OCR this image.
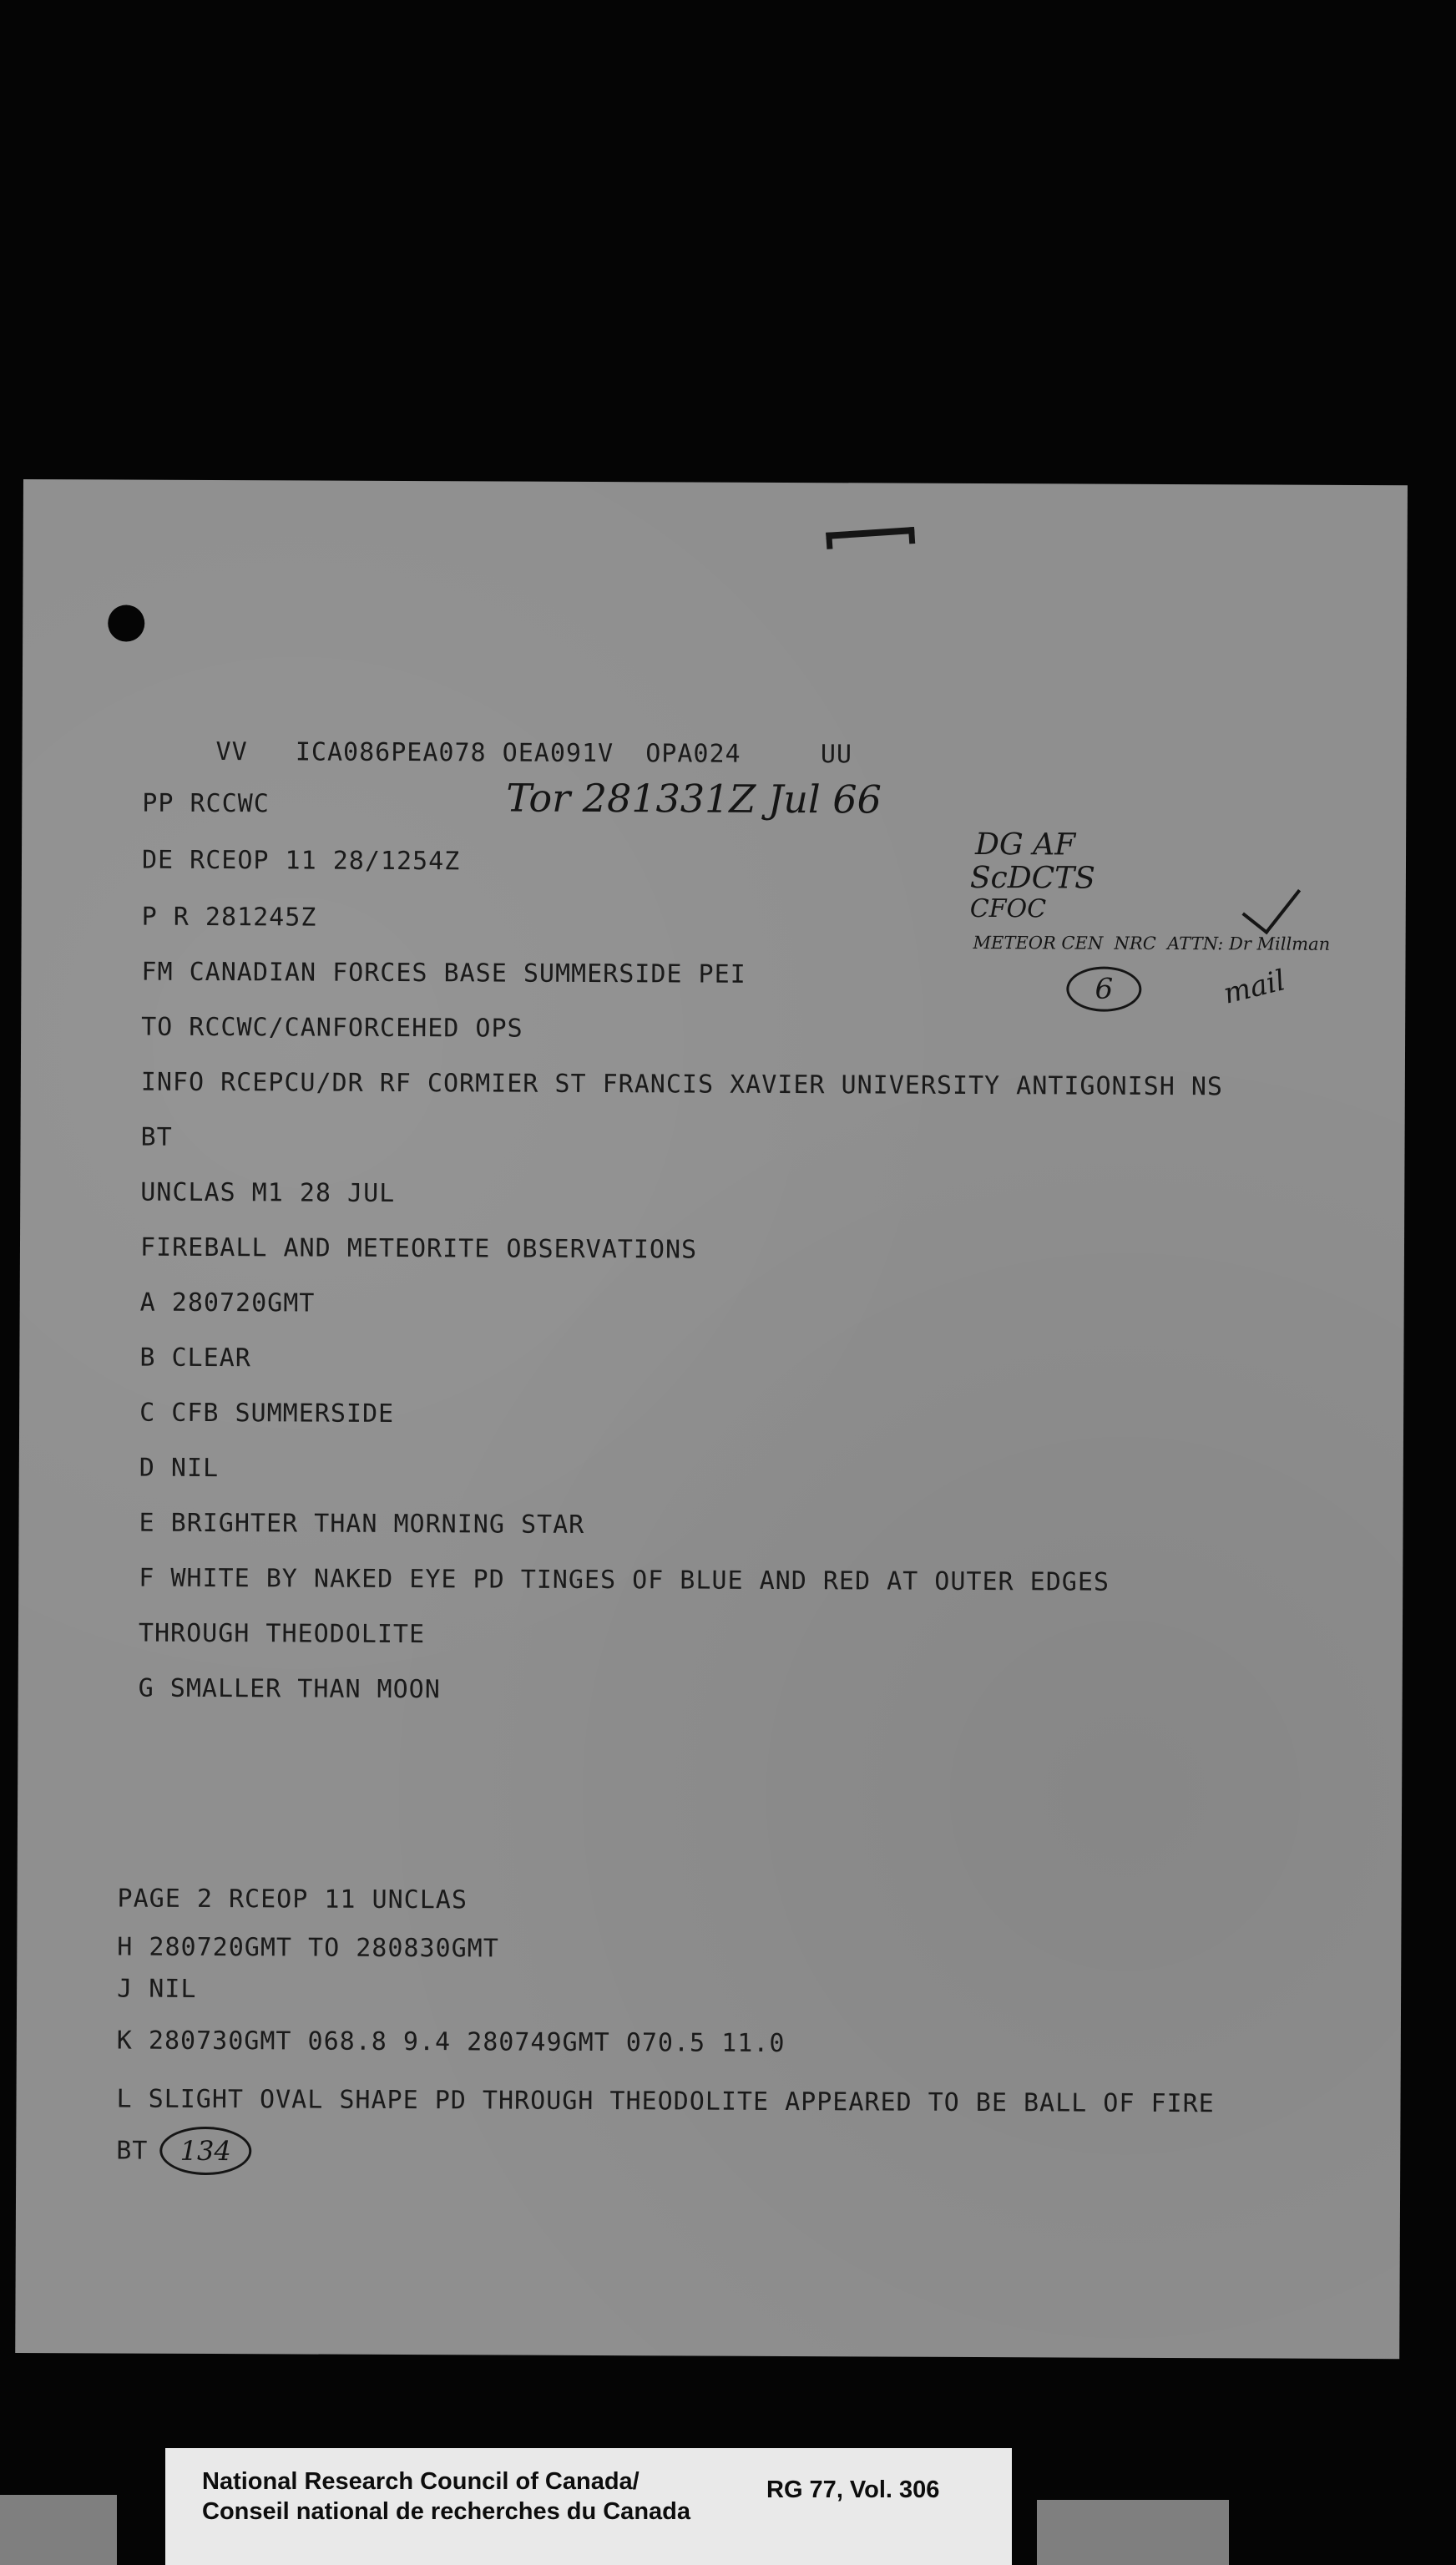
VV   ICA086PEA078 OEA091V  OPA024     UU
PP RCCWC	Tor 281331Z Jul 66
DE RCEOP 11 28/1254Z
P R 281245Z
DG AF
ScDCTS
CFOC
METEOR CEN  NRC  ATTN: Dr Millman
6	mail
FM CANADIAN FORCES BASE SUMMERSIDE PEI
TO RCCWC/CANFORCEHED OPS
INFO RCEPCU/DR RF CORMIER ST FRANCIS XAVIER UNIVERSITY ANTIGONISH NS
BT
UNCLAS M1 28 JUL
FIREBALL AND METEORITE OBSERVATIONS
A 280720GMT
B CLEAR
C CFB SUMMERSIDE
D NIL
E BRIGHTER THAN MORNING STAR
F WHITE BY NAKED EYE PD TINGES OF BLUE AND RED AT OUTER EDGES
THROUGH THEODOLITE
G SMALLER THAN MOON
PAGE 2 RCEOP 11 UNCLAS
H 280720GMT TO 280830GMT
J NIL
K 280730GMT 068.8 9.4 280749GMT 070.5 11.0
L SLIGHT OVAL SHAPE PD THROUGH THEODOLITE APPEARED TO BE BALL OF FIRE
BT	134
National Research Council of Canada/
Conseil national de recherches du Canada
RG 77, Vol. 306
